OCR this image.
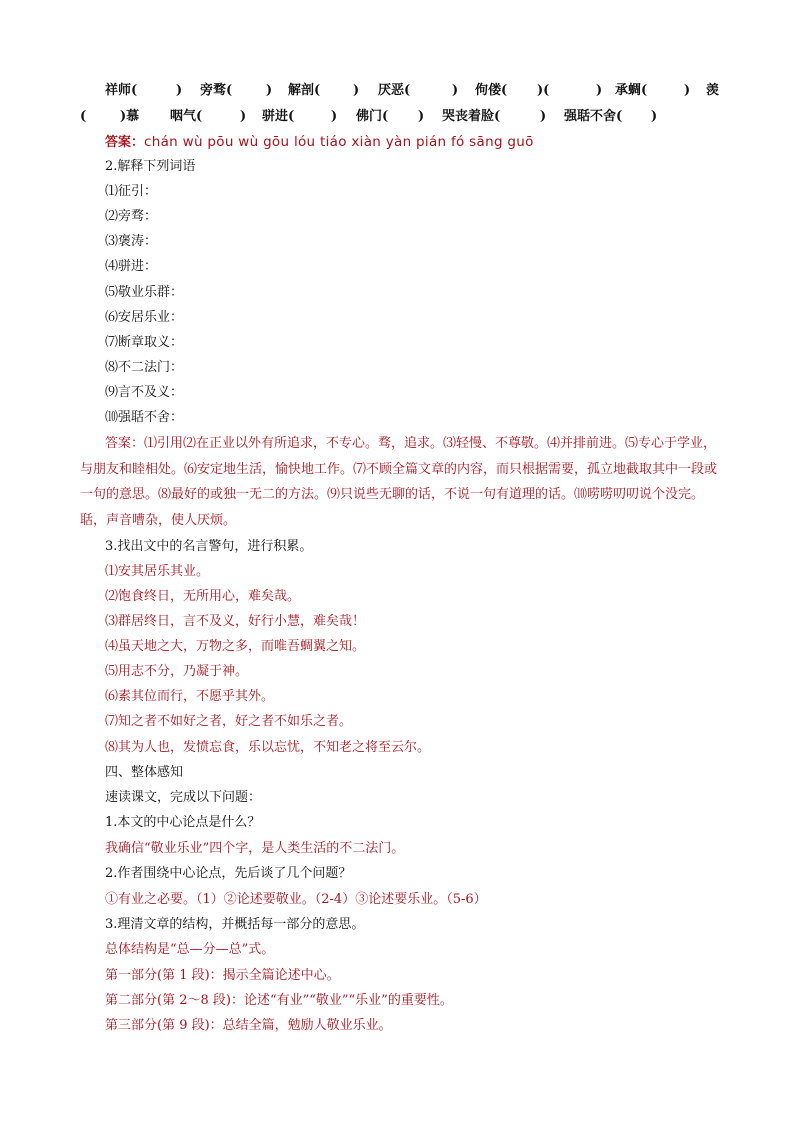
祥师(	) 旁骛(	) 解剖(	) 厌恶(	) 佝偻( )(	) 承蜩(	) 羡
(	)慕 咽气(	) 骈进(	) 佛门( ) 哭丧着脸(	) 强聒不舍( )
答案：chán wù pōu wù gōu lóu tiáo xiàn yàn pián fó sāng guō
2.解释下列词语
⑴征引：
⑵旁骛：
⑶褒涛：
⑷骈进：
⑸敬业乐群：
⑹安居乐业：
⑺断章取义：
⑻不二法门：
⑼言不及义：
⑽强聒不舍：
答案：⑴引用⑵在正业以外有所追求，不专心。骛，追求。⑶轻慢、不尊敬。⑷并排前进。⑸专心于学业，与朋友和睦相处。⑹安定地生活，愉快地工作。⑺不顾全篇文章的内容，而只根据需要，孤立地截取其中一段或一句的意思。⑻最好的或独一无二的方法。⑼只说些无聊的话，不说一句有道理的话。⑽唠唠叨叨说个没完。聒，声音嘈杂，使人厌烦。
3.找出文中的名言警句，进行积累。
⑴安其居乐其业。
⑵饱食终日，无所用心，难矣哉。
⑶群居终日，言不及义，好行小慧，难矣哉！
⑷虽天地之大，万物之多，而唯吾蜩翼之知。
⑸用志不分，乃凝于神。
⑹素其位而行，不愿乎其外。
⑺知之者不如好之者，好之者不如乐之者。
⑻其为人也，发愤忘食，乐以忘忧，不知老之将至云尔。
四、整体感知
速读课文，完成以下问题：
1.本文的中心论点是什么？
我确信“敬业乐业”四个字，是人类生活的不二法门。
2.作者围绕中心论点，先后谈了几个问题？
①有业之必要。（1）②论述要敬业。（2-4）③论述要乐业。（5-6）
3.理清文章的结构，并概括每一部分的意思。
总体结构是“总—分—总”式。
第一部分(第 1 段)：揭示全篇论述中心。
第二部分(第 2～8 段)：论述“有业”“敬业”“乐业”的重要性。
第三部分(第 9 段)：总结全篇，勉励人敬业乐业。
